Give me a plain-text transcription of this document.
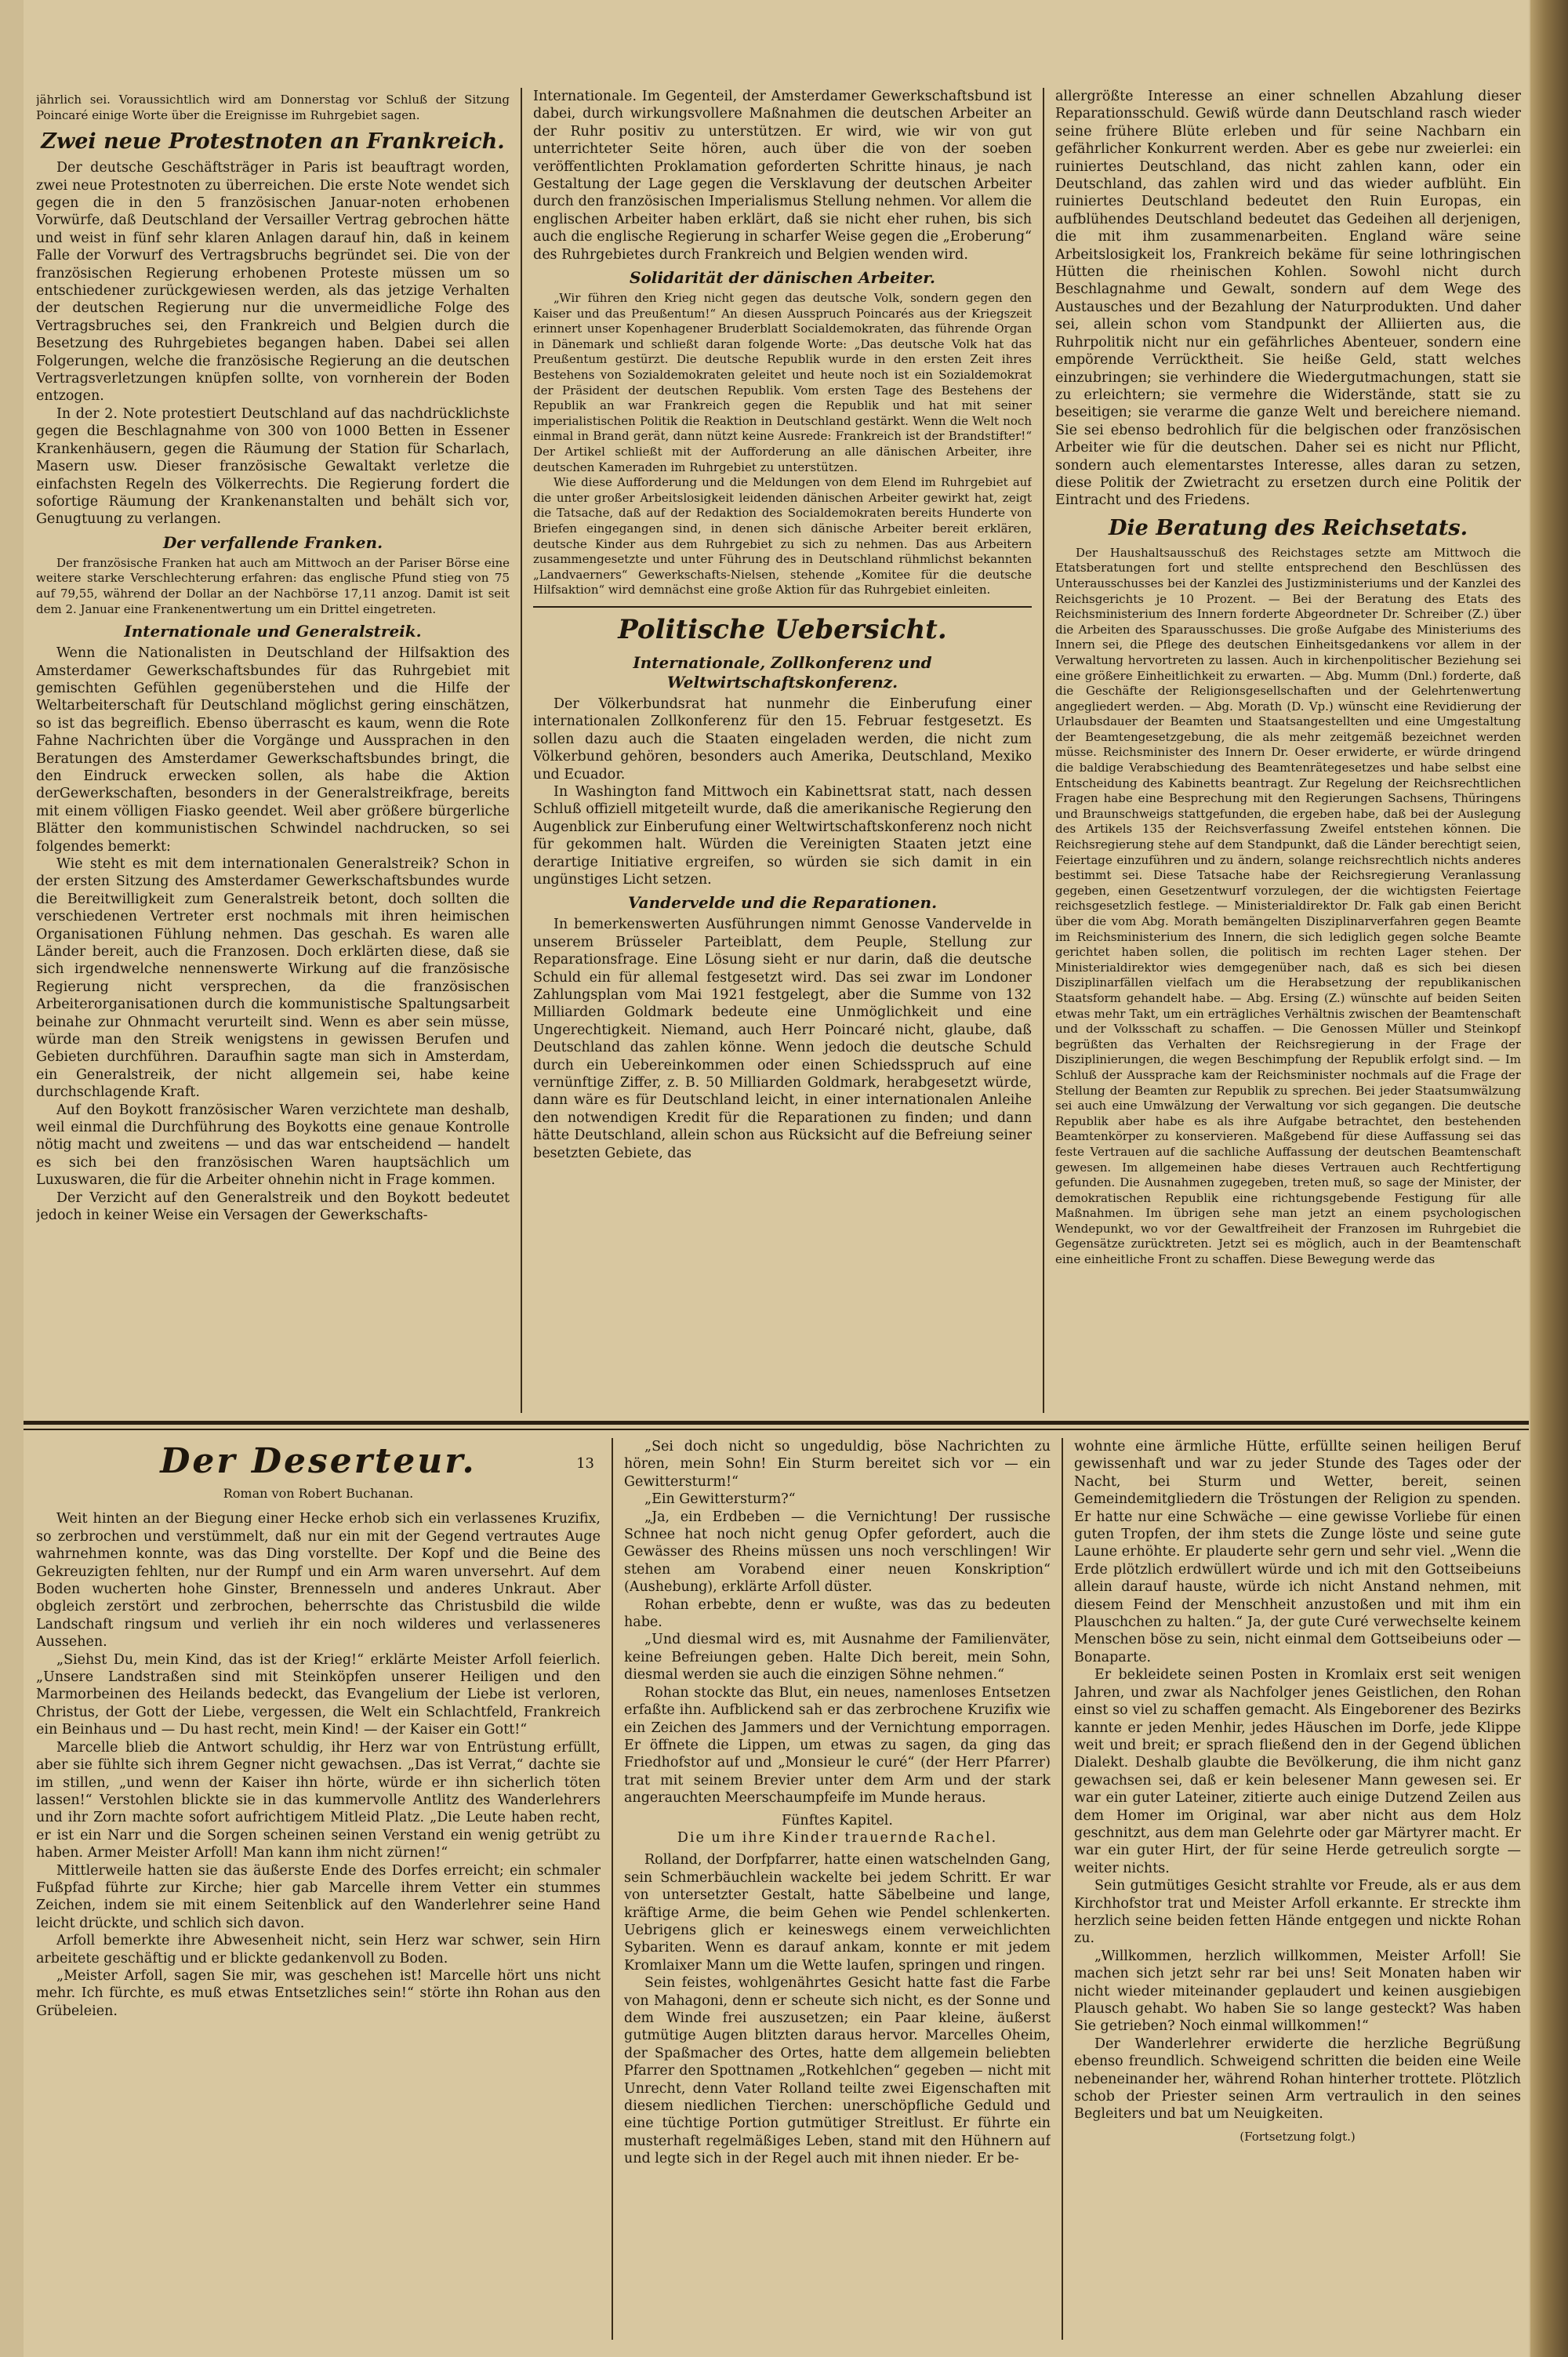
jährlich sei. Voraussichtlich wird am Donnerstag vor Schluß der Sitzung Poincaré einige Worte über die Ereignisse im Ruhrgebiet sagen.

Zwei neue Protestnoten an Frankreich.

Der deutsche Geschäftsträger in Paris ist beauftragt worden, zwei neue Protestnoten zu überreichen. Die erste Note wendet sich gegen die in den 5 französischen Januar-noten erhobenen Vorwürfe, daß Deutschland der Versailler Vertrag gebrochen hätte und weist in fünf sehr klaren Anlagen darauf hin, daß in keinem Falle der Vorwurf des Vertragsbruchs begründet sei. Die von der französischen Regierung erhobenen Proteste müssen um so entschiedener zurückgewiesen werden, als das jetzige Verhalten der deutschen Regierung nur die unvermeidliche Folge des Vertragsbruches sei, den Frankreich und Belgien durch die Besetzung des Ruhrgebietes begangen haben. Dabei sei allen Folgerungen, welche die französische Regierung an die deutschen Vertragsverletzungen knüpfen sollte, von vornherein der Boden entzogen.

In der 2. Note protestiert Deutschland auf das nachdrücklichste gegen die Beschlagnahme von 300 von 1000 Betten in Essener Krankenhäusern, gegen die Räumung der Station für Scharlach, Masern usw. Dieser französische Gewaltakt verletze die einfachsten Regeln des Völkerrechts. Die Regierung fordert die sofortige Räumung der Krankenanstalten und behält sich vor, Genugtuung zu verlangen.

Der verfallende Franken.

Der französische Franken hat auch am Mittwoch an der Pariser Börse eine weitere starke Verschlechterung erfahren: das englische Pfund stieg von 75 auf 79,55, während der Dollar an der Nachbörse 17,11 anzog. Damit ist seit dem 2. Januar eine Frankenentwertung um ein Drittel eingetreten.

Internationale und Generalstreik.

Wenn die Nationalisten in Deutschland der Hilfsaktion des Amsterdamer Gewerkschaftsbundes für das Ruhrgebiet mit gemischten Gefühlen gegenüberstehen und die Hilfe der Weltarbeiterschaft für Deutschland möglichst gering einschätzen, so ist das begreiflich. Ebenso überrascht es kaum, wenn die Rote Fahne Nachrichten über die Vorgänge und Aussprachen in den Beratungen des Amsterdamer Gewerkschaftsbundes bringt, die den Eindruck erwecken sollen, als habe die Aktion derGewerkschaften, besonders in der Generalstreikfrage, bereits mit einem völligen Fiasko geendet. Weil aber größere bürgerliche Blätter den kommunistischen Schwindel nachdrucken, so sei folgendes bemerkt:

Wie steht es mit dem internationalen Generalstreik? Schon in der ersten Sitzung des Amsterdamer Gewerkschaftsbundes wurde die Bereitwilligkeit zum Generalstreik betont, doch sollten die verschiedenen Vertreter erst nochmals mit ihren heimischen Organisationen Fühlung nehmen. Das geschah. Es waren alle Länder bereit, auch die Franzosen. Doch erklärten diese, daß sie sich irgendwelche nennenswerte Wirkung auf die französische Regierung nicht versprechen, da die französischen Arbeiterorganisationen durch die kommunistische Spaltungsarbeit beinahe zur Ohnmacht verurteilt sind. Wenn es aber sein müsse, würde man den Streik wenigstens in gewissen Berufen und Gebieten durchführen. Daraufhin sagte man sich in Amsterdam, ein Generalstreik, der nicht allgemein sei, habe keine durchschlagende Kraft.

Auf den Boykott französischer Waren verzichtete man deshalb, weil einmal die Durchführung des Boykotts eine genaue Kontrolle nötig macht und zweitens — und das war entscheidend — handelt es sich bei den französischen Waren hauptsächlich um Luxuswaren, die für die Arbeiter ohnehin nicht in Frage kommen.

Der Verzicht auf den Generalstreik und den Boykott bedeutet jedoch in keiner Weise ein Versagen der Gewerkschafts-

Internationale. Im Gegenteil, der Amsterdamer Gewerkschaftsbund ist dabei, durch wirkungsvollere Maßnahmen die deutschen Arbeiter an der Ruhr positiv zu unterstützen. Er wird, wie wir von gut unterrichteter Seite hören, auch über die von der soeben veröffentlichten Proklamation geforderten Schritte hinaus, je nach Gestaltung der Lage gegen die Versklavung der deutschen Arbeiter durch den französischen Imperialismus Stellung nehmen. Vor allem die englischen Arbeiter haben erklärt, daß sie nicht eher ruhen, bis sich auch die englische Regierung in scharfer Weise gegen die „Eroberung“ des Ruhrgebietes durch Frankreich und Belgien wenden wird.

Solidarität der dänischen Arbeiter.

„Wir führen den Krieg nicht gegen das deutsche Volk, sondern gegen den Kaiser und das Preußentum!“ An diesen Ausspruch Poincarés aus der Kriegszeit erinnert unser Kopenhagener Bruderblatt Socialdemokraten, das führende Organ in Dänemark und schließt daran folgende Worte: „Das deutsche Volk hat das Preußentum gestürzt. Die deutsche Republik wurde in den ersten Zeit ihres Bestehens von Sozialdemokraten geleitet und heute noch ist ein Sozialdemokrat der Präsident der deutschen Republik. Vom ersten Tage des Bestehens der Republik an war Frankreich gegen die Republik und hat mit seiner imperialistischen Politik die Reaktion in Deutschland gestärkt. Wenn die Welt noch einmal in Brand gerät, dann nützt keine Ausrede: Frankreich ist der Brandstifter!“ Der Artikel schließt mit der Aufforderung an alle dänischen Arbeiter, ihre deutschen Kameraden im Ruhrgebiet zu unterstützen.

Wie diese Aufforderung und die Meldungen von dem Elend im Ruhrgebiet auf die unter großer Arbeitslosigkeit leidenden dänischen Arbeiter gewirkt hat, zeigt die Tatsache, daß auf der Redaktion des Socialdemokraten bereits Hunderte von Briefen eingegangen sind, in denen sich dänische Arbeiter bereit erklären, deutsche Kinder aus dem Ruhrgebiet zu sich zu nehmen. Das aus Arbeitern zusammengesetzte und unter Führung des in Deutschland rühmlichst bekannten „Landvaerners“ Gewerkschafts-Nielsen, stehende „Komitee für die deutsche Hilfsaktion“ wird demnächst eine große Aktion für das Ruhrgebiet einleiten.

Politische Uebersicht.
Internationale, Zollkonferenz und Weltwirtschaftskonferenz.

Der Völkerbundsrat hat nunmehr die Einberufung einer internationalen Zollkonferenz für den 15. Februar festgesetzt. Es sollen dazu auch die Staaten eingeladen werden, die nicht zum Völkerbund gehören, besonders auch Amerika, Deutschland, Mexiko und Ecuador.

In Washington fand Mittwoch ein Kabinettsrat statt, nach dessen Schluß offiziell mitgeteilt wurde, daß die amerikanische Regierung den Augenblick zur Einberufung einer Weltwirtschaftskonferenz noch nicht für gekommen halt. Würden die Vereinigten Staaten jetzt eine derartige Initiative ergreifen, so würden sie sich damit in ein ungünstiges Licht setzen.

Vandervelde und die Reparationen.

In bemerkenswerten Ausführungen nimmt Genosse Vandervelde in unserem Brüsseler Parteiblatt, dem Peuple, Stellung zur Reparationsfrage. Eine Lösung sieht er nur darin, daß die deutsche Schuld ein für allemal festgesetzt wird. Das sei zwar im Londoner Zahlungsplan vom Mai 1921 festgelegt, aber die Summe von 132 Milliarden Goldmark bedeute eine Unmöglichkeit und eine Ungerechtigkeit. Niemand, auch Herr Poincaré nicht, glaube, daß Deutschland das zahlen könne. Wenn jedoch die deutsche Schuld durch ein Uebereinkommen oder einen Schiedsspruch auf eine vernünftige Ziffer, z. B. 50 Milliarden Goldmark, herabgesetzt würde, dann wäre es für Deutschland leicht, in einer internationalen Anleihe den notwendigen Kredit für die Reparationen zu finden; und dann hätte Deutschland, allein schon aus Rücksicht auf die Befreiung seiner besetzten Gebiete, das

allergrößte Interesse an einer schnellen Abzahlung dieser Reparationsschuld. Gewiß würde dann Deutschland rasch wieder seine frühere Blüte erleben und für seine Nachbarn ein gefährlicher Konkurrent werden. Aber es gebe nur zweierlei: ein ruiniertes Deutschland, das nicht zahlen kann, oder ein Deutschland, das zahlen wird und das wieder aufblüht. Ein ruiniertes Deutschland bedeutet den Ruin Europas, ein aufblühendes Deutschland bedeutet das Gedeihen all derjenigen, die mit ihm zusammenarbeiten. England wäre seine Arbeitslosigkeit los, Frankreich bekäme für seine lothringischen Hütten die rheinischen Kohlen. Sowohl nicht durch Beschlagnahme und Gewalt, sondern auf dem Wege des Austausches und der Bezahlung der Naturprodukten. Und daher sei, allein schon vom Standpunkt der Alliierten aus, die Ruhrpolitik nicht nur ein gefährliches Abenteuer, sondern eine empörende Verrücktheit. Sie heiße Geld, statt welches einzubringen; sie verhindere die Wiedergutmachungen, statt sie zu erleichtern; sie vermehre die Widerstände, statt sie zu beseitigen; sie verarme die ganze Welt und bereichere niemand. Sie sei ebenso bedrohlich für die belgischen oder französischen Arbeiter wie für die deutschen. Daher sei es nicht nur Pflicht, sondern auch elementarstes Interesse, alles daran zu setzen, diese Politik der Zwietracht zu ersetzen durch eine Politik der Eintracht und des Friedens.

Die Beratung des Reichsetats.

Der Haushaltsausschuß des Reichstages setzte am Mittwoch die Etatsberatungen fort und stellte entsprechend den Beschlüssen des Unterausschusses bei der Kanzlei des Justizministeriums und der Kanzlei des Reichsgerichts je 10 Prozent. — Bei der Beratung des Etats des Reichsministerium des Innern forderte Abgeordneter Dr. Schreiber (Z.) über die Arbeiten des Sparausschusses. Die große Aufgabe des Ministeriums des Innern sei, die Pflege des deutschen Einheitsgedankens vor allem in der Verwaltung hervortreten zu lassen. Auch in kirchenpolitischer Beziehung sei eine größere Einheitlichkeit zu erwarten. — Abg. Mumm (Dnl.) forderte, daß die Geschäfte der Religionsgesellschaften und der Gelehrtenwertung angegliedert werden. — Abg. Morath (D. Vp.) wünscht eine Revidierung der Urlaubsdauer der Beamten und Staatsangestellten und eine Umgestaltung der Beamtengesetzgebung, die als mehr zeitgemäß bezeichnet werden müsse. Reichsminister des Innern Dr. Oeser erwiderte, er würde dringend die baldige Verabschiedung des Beamtenrätegesetzes und habe selbst eine Entscheidung des Kabinetts beantragt. Zur Regelung der Reichsrechtlichen Fragen habe eine Besprechung mit den Regierungen Sachsens, Thüringens und Braunschweigs stattgefunden, die ergeben habe, daß bei der Auslegung des Artikels 135 der Reichsverfassung Zweifel entstehen können. Die Reichsregierung stehe auf dem Standpunkt, daß die Länder berechtigt seien, Feiertage einzuführen und zu ändern, solange reichsrechtlich nichts anderes bestimmt sei. Diese Tatsache habe der Reichsregierung Veranlassung gegeben, einen Gesetzentwurf vorzulegen, der die wichtigsten Feiertage reichsgesetzlich festlege. — Ministerialdirektor Dr. Falk gab einen Bericht über die vom Abg. Morath bemängelten Disziplinarverfahren gegen Beamte im Reichsministerium des Innern, die sich lediglich gegen solche Beamte gerichtet haben sollen, die politisch im rechten Lager stehen. Der Ministerialdirektor wies demgegenüber nach, daß es sich bei diesen Disziplinarfällen vielfach um die Herabsetzung der republikanischen Staatsform gehandelt habe. — Abg. Ersing (Z.) wünschte auf beiden Seiten etwas mehr Takt, um ein erträgliches Verhältnis zwischen der Beamtenschaft und der Volksschaft zu schaffen. — Die Genossen Müller und Steinkopf begrüßten das Verhalten der Reichsregierung in der Frage der Disziplinierungen, die wegen Beschimpfung der Republik erfolgt sind. — Im Schluß der Aussprache kam der Reichsminister nochmals auf die Frage der Stellung der Beamten zur Republik zu sprechen. Bei jeder Staatsumwälzung sei auch eine Umwälzung der Verwaltung vor sich gegangen. Die deutsche Republik aber habe es als ihre Aufgabe betrachtet, den bestehenden Beamtenkörper zu konservieren. Maßgebend für diese Auffassung sei das feste Vertrauen auf die sachliche Auffassung der deutschen Beamtenschaft gewesen. Im allgemeinen habe dieses Vertrauen auch Rechtfertigung gefunden. Die Ausnahmen zugegeben, treten muß, so sage der Minister, der demokratischen Republik eine richtungsgebende Festigung für alle Maßnahmen. Im übrigen sehe man jetzt an einem psychologischen Wendepunkt, wo vor der Gewaltfreiheit der Franzosen im Ruhrgebiet die Gegensätze zurücktreten. Jetzt sei es möglich, auch in der Beamtenschaft eine einheitliche Front zu schaffen. Diese Bewegung werde das

Der Deserteur.	13
Roman von Robert Buchanan.

Weit hinten an der Biegung einer Hecke erhob sich ein verlassenes Kruzifix, so zerbrochen und verstümmelt, daß nur ein mit der Gegend vertrautes Auge wahrnehmen konnte, was das Ding vorstellte. Der Kopf und die Beine des Gekreuzigten fehlten, nur der Rumpf und ein Arm waren unversehrt. Auf dem Boden wucherten hohe Ginster, Brennesseln und anderes Unkraut. Aber obgleich zerstört und zerbrochen, beherrschte das Christusbild die wilde Landschaft ringsum und verlieh ihr ein noch wilderes und verlasseneres Aussehen.

„Siehst Du, mein Kind, das ist der Krieg!“ erklärte Meister Arfoll feierlich. „Unsere Landstraßen sind mit Steinköpfen unserer Heiligen und den Marmorbeinen des Heilands bedeckt, das Evangelium der Liebe ist verloren, Christus, der Gott der Liebe, vergessen, die Welt ein Schlachtfeld, Frankreich ein Beinhaus und — Du hast recht, mein Kind! — der Kaiser ein Gott!“

Marcelle blieb die Antwort schuldig, ihr Herz war von Entrüstung erfüllt, aber sie fühlte sich ihrem Gegner nicht gewachsen. „Das ist Verrat,“ dachte sie im stillen, „und wenn der Kaiser ihn hörte, würde er ihn sicherlich töten lassen!“ Verstohlen blickte sie in das kummervolle Antlitz des Wanderlehrers und ihr Zorn machte sofort aufrichtigem Mitleid Platz. „Die Leute haben recht, er ist ein Narr und die Sorgen scheinen seinen Verstand ein wenig getrübt zu haben. Armer Meister Arfoll! Man kann ihm nicht zürnen!“

Mittlerweile hatten sie das äußerste Ende des Dorfes erreicht; ein schmaler Fußpfad führte zur Kirche; hier gab Marcelle ihrem Vetter ein stummes Zeichen, indem sie mit einem Seitenblick auf den Wanderlehrer seine Hand leicht drückte, und schlich sich davon.

Arfoll bemerkte ihre Abwesenheit nicht, sein Herz war schwer, sein Hirn arbeitete geschäftig und er blickte gedankenvoll zu Boden.

„Meister Arfoll, sagen Sie mir, was geschehen ist! Marcelle hört uns nicht mehr. Ich fürchte, es muß etwas Entsetzliches sein!“ störte ihn Rohan aus den Grübeleien.

„Sei doch nicht so ungeduldig, böse Nachrichten zu hören, mein Sohn! Ein Sturm bereitet sich vor — ein Gewittersturm!“

„Ein Gewittersturm?“

„Ja, ein Erdbeben — die Vernichtung! Der russische Schnee hat noch nicht genug Opfer gefordert, auch die Gewässer des Rheins müssen uns noch verschlingen! Wir stehen am Vorabend einer neuen Konskription“ (Aushebung), erklärte Arfoll düster.

Rohan erbebte, denn er wußte, was das zu bedeuten habe.

„Und diesmal wird es, mit Ausnahme der Familienväter, keine Befreiungen geben. Halte Dich bereit, mein Sohn, diesmal werden sie auch die einzigen Söhne nehmen.“

Rohan stockte das Blut, ein neues, namenloses Entsetzen erfaßte ihn. Aufblickend sah er das zerbrochene Kruzifix wie ein Zeichen des Jammers und der Vernichtung emporragen. Er öffnete die Lippen, um etwas zu sagen, da ging das Friedhofstor auf und „Monsieur le curé“ (der Herr Pfarrer) trat mit seinem Brevier unter dem Arm und der stark angerauchten Meerschaumpfeife im Munde heraus.

Fünftes Kapitel.

Die um ihre Kinder trauernde Rachel.

Rolland, der Dorfpfarrer, hatte einen watschelnden Gang, sein Schmerbäuchlein wackelte bei jedem Schritt. Er war von untersetzter Gestalt, hatte Säbelbeine und lange, kräftige Arme, die beim Gehen wie Pendel schlenkerten. Uebrigens glich er keineswegs einem verweichlichten Sybariten. Wenn es darauf ankam, konnte er mit jedem Kromlaixer Mann um die Wette laufen, springen und ringen.

Sein feistes, wohlgenährtes Gesicht hatte fast die Farbe von Mahagoni, denn er scheute sich nicht, es der Sonne und dem Winde frei auszusetzen; ein Paar kleine, äußerst gutmütige Augen blitzten daraus hervor. Marcelles Oheim, der Spaßmacher des Ortes, hatte dem allgemein beliebten Pfarrer den Spottnamen „Rotkehlchen“ gegeben — nicht mit Unrecht, denn Vater Rolland teilte zwei Eigenschaften mit diesem niedlichen Tierchen: unerschöpfliche Geduld und eine tüchtige Portion gutmütiger Streitlust. Er führte ein musterhaft regelmäßiges Leben, stand mit den Hühnern auf und legte sich in der Regel auch mit ihnen nieder. Er be-

wohnte eine ärmliche Hütte, erfüllte seinen heiligen Beruf gewissenhaft und war zu jeder Stunde des Tages oder der Nacht, bei Sturm und Wetter, bereit, seinen Gemeindemitgliedern die Tröstungen der Religion zu spenden. Er hatte nur eine Schwäche — eine gewisse Vorliebe für einen guten Tropfen, der ihm stets die Zunge löste und seine gute Laune erhöhte. Er plauderte sehr gern und sehr viel. „Wenn die Erde plötzlich erdwüllert würde und ich mit den Gottseibeiuns allein darauf hauste, würde ich nicht Anstand nehmen, mit diesem Feind der Menschheit anzustoßen und mit ihm ein Plauschchen zu halten.“ Ja, der gute Curé verwechselte keinem Menschen böse zu sein, nicht einmal dem Gottseibeiuns oder — Bonaparte.

Er bekleidete seinen Posten in Kromlaix erst seit wenigen Jahren, und zwar als Nachfolger jenes Geistlichen, den Rohan einst so viel zu schaffen gemacht. Als Eingeborener des Bezirks kannte er jeden Menhir, jedes Häuschen im Dorfe, jede Klippe weit und breit; er sprach fließend den in der Gegend üblichen Dialekt. Deshalb glaubte die Bevölkerung, die ihm nicht ganz gewachsen sei, daß er kein belesener Mann gewesen sei. Er war ein guter Lateiner, zitierte auch einige Dutzend Zeilen aus dem Homer im Original, war aber nicht aus dem Holz geschnitzt, aus dem man Gelehrte oder gar Märtyrer macht. Er war ein guter Hirt, der für seine Herde getreulich sorgte — weiter nichts.

Sein gutmütiges Gesicht strahlte vor Freude, als er aus dem Kirchhofstor trat und Meister Arfoll erkannte. Er streckte ihm herzlich seine beiden fetten Hände entgegen und nickte Rohan zu.

„Willkommen, herzlich willkommen, Meister Arfoll! Sie machen sich jetzt sehr rar bei uns! Seit Monaten haben wir nicht wieder miteinander geplaudert und keinen ausgiebigen Plausch gehabt. Wo haben Sie so lange gesteckt? Was haben Sie getrieben? Noch einmal willkommen!“

Der Wanderlehrer erwiderte die herzliche Begrüßung ebenso freundlich. Schweigend schritten die beiden eine Weile nebeneinander her, während Rohan hinterher trottete. Plötzlich schob der Priester seinen Arm vertraulich in den seines Begleiters und bat um Neuigkeiten.

(Fortsetzung folgt.)
